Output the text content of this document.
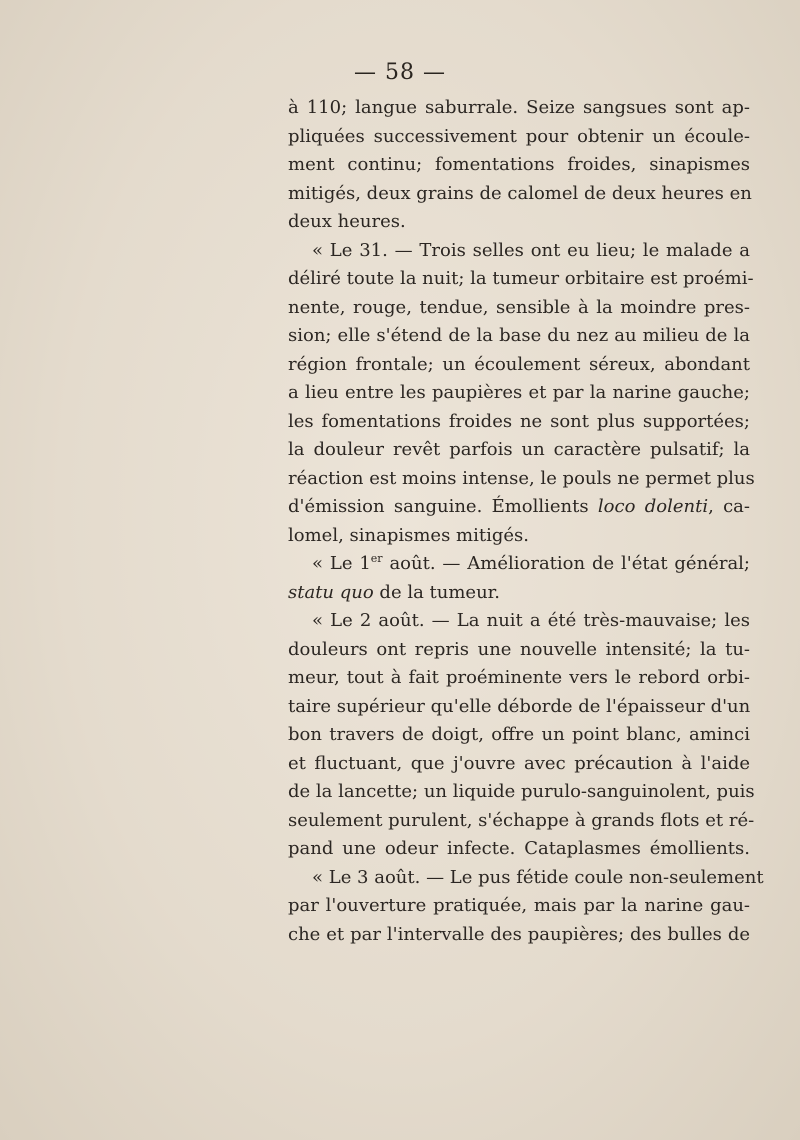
— 58 —
à 110; langue saburrale. Seize sangsues sont ap-
pliquées successivement pour obtenir un écoule-
ment continu; fomentations froides, sinapismes
mitigés, deux grains de calomel de deux heures en
deux heures.
« Le 31. — Trois selles ont eu lieu; le malade a
déliré toute la nuit; la tumeur orbitaire est proémi-
nente, rouge, tendue, sensible à la moindre pres-
sion; elle s'étend de la base du nez au milieu de la
région frontale; un écoulement séreux, abondant
a lieu entre les paupières et par la narine gauche;
les fomentations froides ne sont plus supportées;
la douleur revêt parfois un caractère pulsatif; la
réaction est moins intense, le pouls ne permet plus
d'émission sanguine. Émollients loco dolenti, ca-
lomel, sinapismes mitigés.
« Le 1er août. — Amélioration de l'état général;
statu quo de la tumeur.
« Le 2 août. — La nuit a été très-mauvaise; les
douleurs ont repris une nouvelle intensité; la tu-
meur, tout à fait proéminente vers le rebord orbi-
taire supérieur qu'elle déborde de l'épaisseur d'un
bon travers de doigt, offre un point blanc, aminci
et fluctuant, que j'ouvre avec précaution à l'aide
de la lancette; un liquide purulo-sanguinolent, puis
seulement purulent, s'échappe à grands flots et ré-
pand une odeur infecte. Cataplasmes émollients.
« Le 3 août. — Le pus fétide coule non-seulement
par l'ouverture pratiquée, mais par la narine gau-
che et par l'intervalle des paupières; des bulles de
